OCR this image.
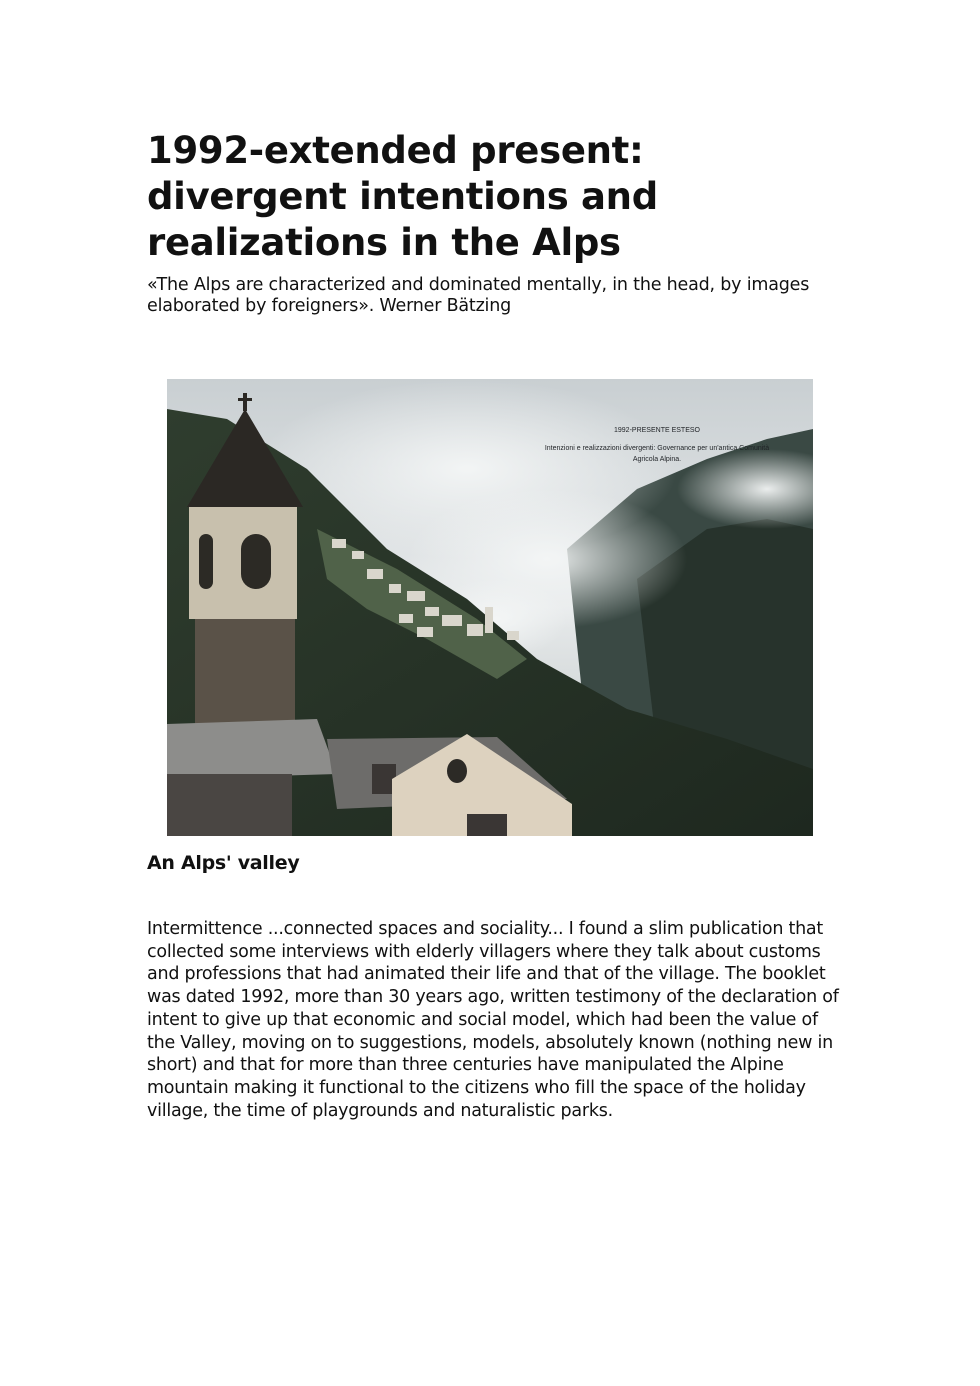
1992-extended present: divergent intentions and realizations in the Alps

«The Alps are characterized and dominated mentally, in the head, by images elaborated by foreigners». Werner Bätzing

1992-PRESENTE ESTESO
Intenzioni e realizzazioni divergenti: Governance per un'antica Comunità Agricola Alpina.
An Alps' valley

Intermittence ...connected spaces and sociality... I found a slim publication that collected some interviews with elderly villagers where they talk about customs and professions that had animated their life and that of the village. The booklet was dated 1992, more than 30 years ago, written testimony of the declaration of intent to give up that economic and social model, which had been the value of the Valley, moving on to suggestions, models, absolutely known (nothing new in short) and that for more than three centuries have manipulated the Alpine mountain making it functional to the citizens who fill the space of the holiday village, the time of playgrounds and naturalistic parks.
